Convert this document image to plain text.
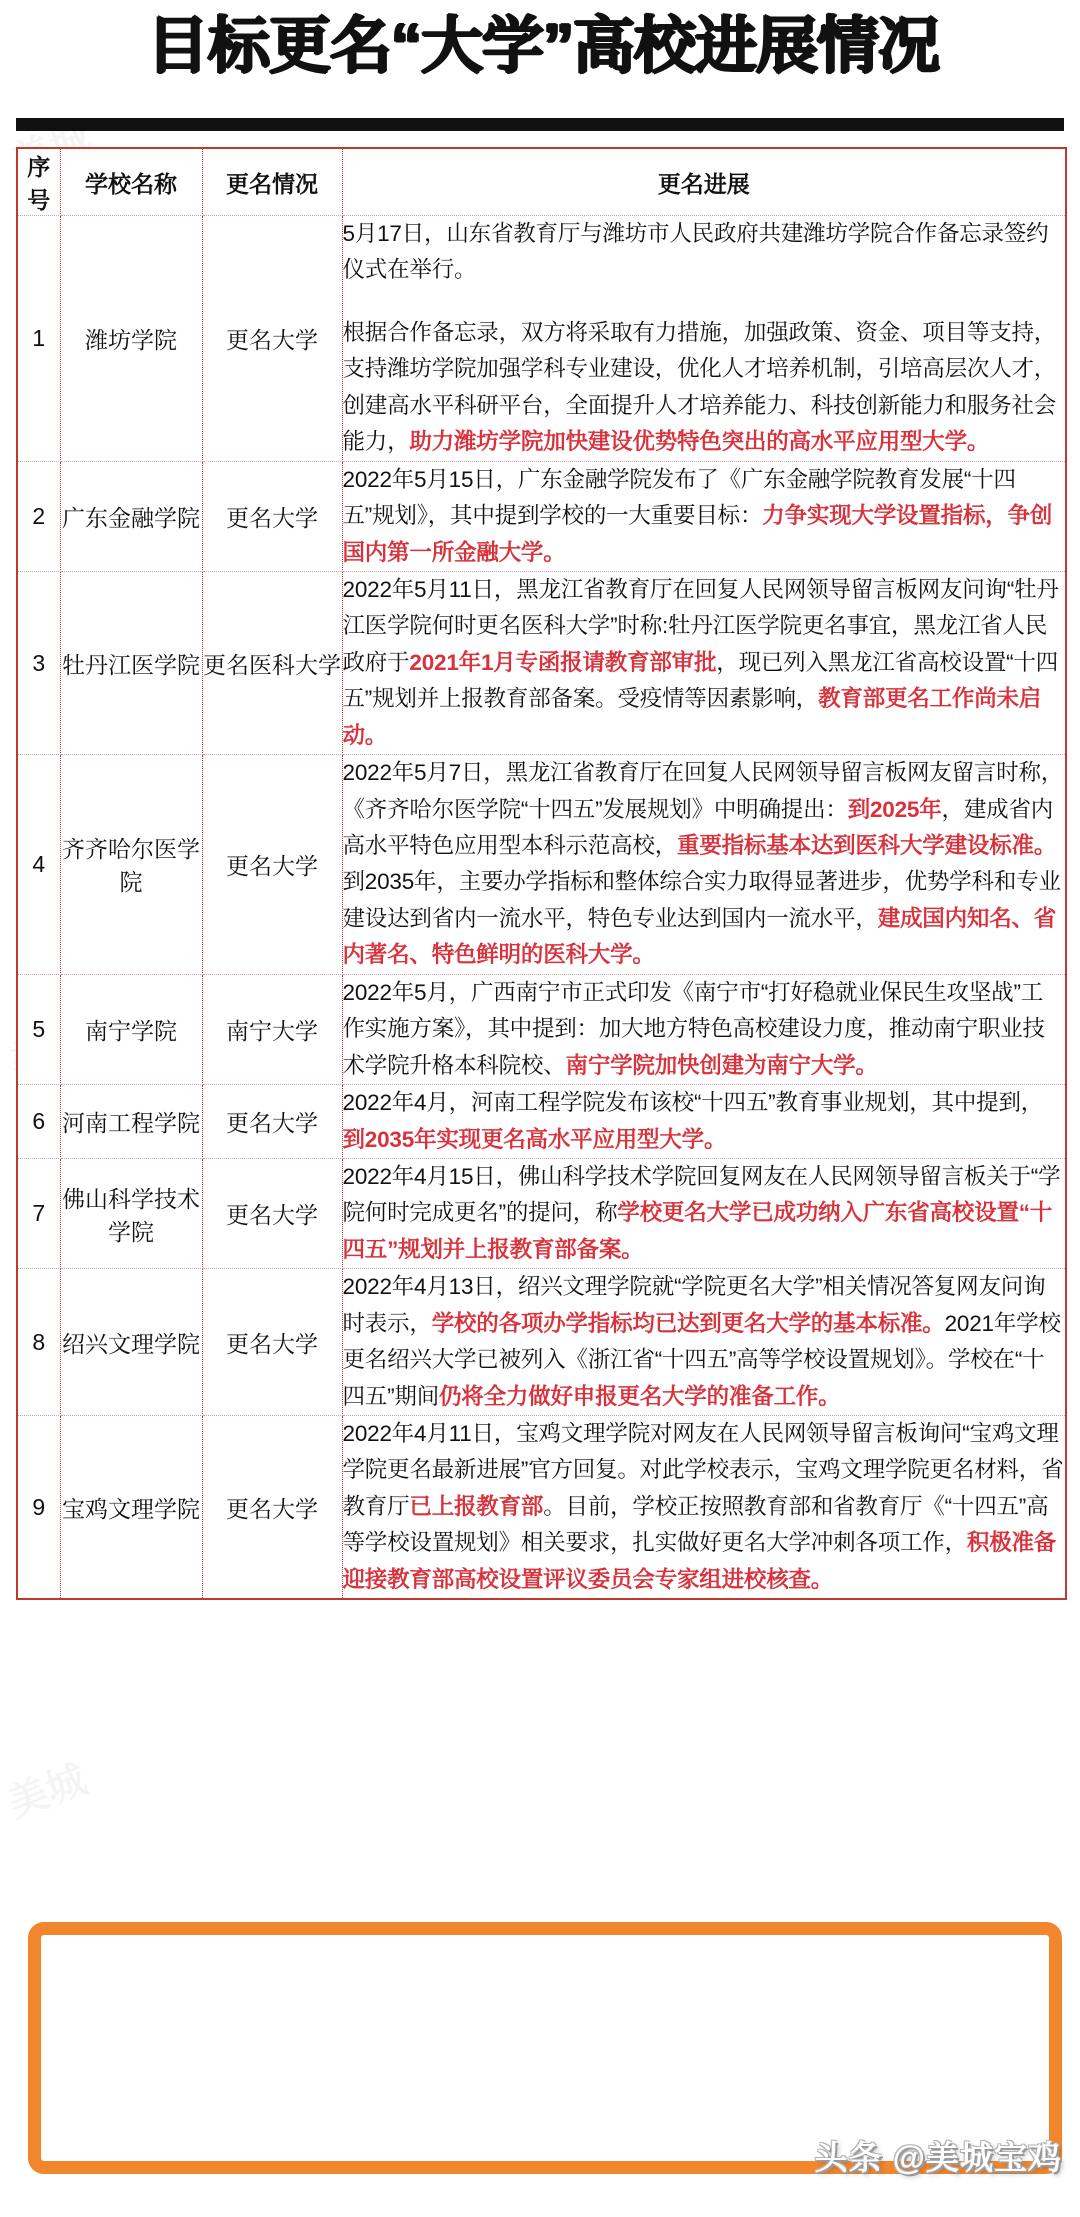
目标更名“大学”高校进展情况
序号	学校名称	更名情况	更名进展
1	潍坊学院	更名大学	5月17日，山东省教育厅与潍坊市人民政府共建潍坊学院合作备忘录签约仪式在举行。

根据合作备忘录，双方将采取有力措施，加强政策、资金、项目等支持，支持潍坊学院加强学科专业建设，优化人才培养机制，引培高层次人才，创建高水平科研平台，全面提升人才培养能力、科技创新能力和服务社会能力，助力潍坊学院加快建设优势特色突出的高水平应用型大学。

2	广东金融学院	更名大学	2022年5月15日，广东金融学院发布了《广东金融学院教育发展“十四五”规划》，其中提到学校的一大重要目标：力争实现大学设置指标，争创国内第一所金融大学。

3	牡丹江医学院	更名医科大学	2022年5月11日，黑龙江省教育厅在回复人民网领导留言板网友问询“牡丹江医学院何时更名医科大学”时称:牡丹江医学院更名事宜，黑龙江省人民政府于2021年1月专函报请教育部审批，现已列入黑龙江省高校设置“十四五”规划并上报教育部备案。受疫情等因素影响，教育部更名工作尚未启动。

4	齐齐哈尔医学院	更名大学	2022年5月7日，黑龙江省教育厅在回复人民网领导留言板网友留言时称，《齐齐哈尔医学院“十四五”发展规划》中明确提出：到2025年，建成省内高水平特色应用型本科示范高校，重要指标基本达到医科大学建设标准。到2035年，主要办学指标和整体综合实力取得显著进步，优势学科和专业建设达到省内一流水平，特色专业达到国内一流水平，建成国内知名、省内著名、特色鲜明的医科大学。

5	南宁学院	南宁大学	2022年5月，广西南宁市正式印发《南宁市“打好稳就业保民生攻坚战”工作实施方案》，其中提到：加大地方特色高校建设力度，推动南宁职业技术学院升格本科院校、南宁学院加快创建为南宁大学。

6	河南工程学院	更名大学	2022年4月，河南工程学院发布该校“十四五”教育事业规划，其中提到，到2035年实现更名高水平应用型大学。

7	佛山科学技术学院	更名大学	2022年4月15日，佛山科学技术学院回复网友在人民网领导留言板关于“学院何时完成更名”的提问，称学校更名大学已成功纳入广东省高校设置“十四五”规划并上报教育部备案。

8	绍兴文理学院	更名大学	2022年4月13日，绍兴文理学院就“学院更名大学”相关情况答复网友问询时表示，学校的各项办学指标均已达到更名大学的基本标准。2021年学校更名绍兴大学已被列入《浙江省“十四五”高等学校设置规划》。学校在“十四五”期间仍将全力做好申报更名大学的准备工作。

9	宝鸡文理学院	更名大学	2022年4月11日，宝鸡文理学院对网友在人民网领导留言板询问“宝鸡文理学院更名最新进展”官方回复。对此学校表示，宝鸡文理学院更名材料，省教育厅已上报教育部。目前，学校正按照教育部和省教育厅《“十四五”高等学校设置规划》相关要求，扎实做好更名大学冲刺各项工作，积极准备迎接教育部高校设置评议委员会专家组进校核查。

头条 @美城宝鸡
